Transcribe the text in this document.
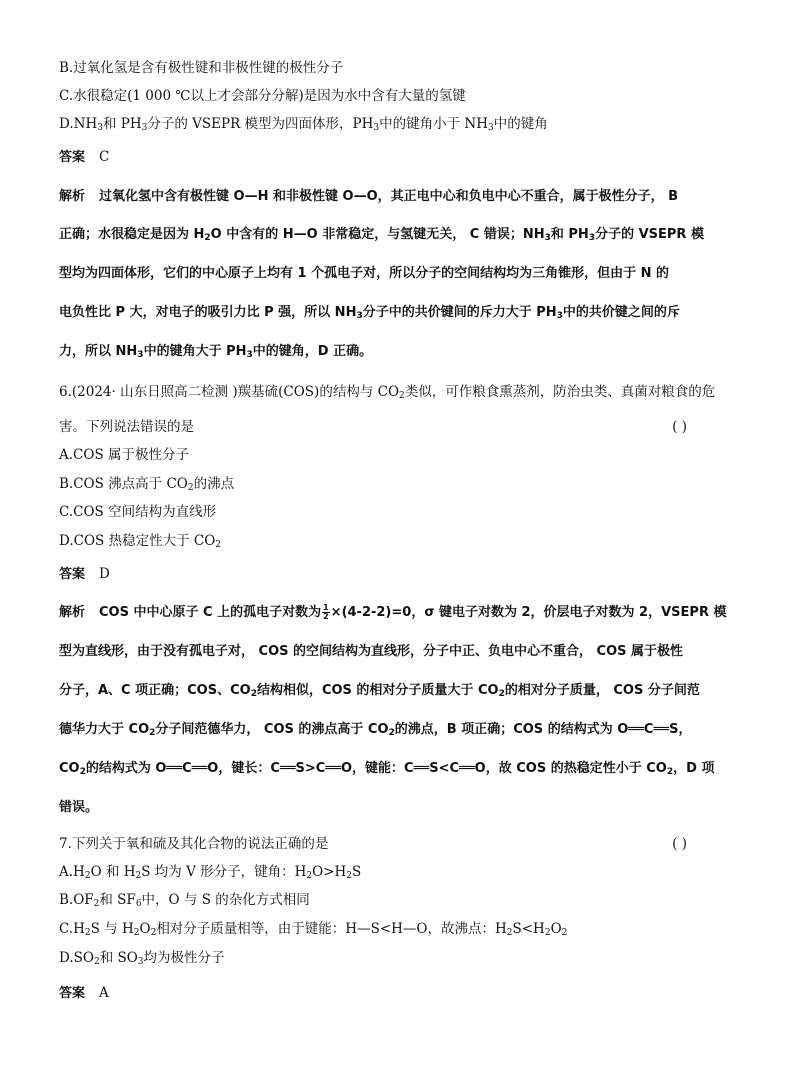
B.过氧化氢是含有极性键和非极性键的极性分子
C.水很稳定(1 000 ℃以上才会部分分解)是因为水中含有大量的氢键
$D.NH_3$和 $PH_3$分子的 VSEPR 模型为四面体形，$PH_3$中的键角小于 $NH_3$中的键角
答案 C
解析 过氧化氢中含有极性键 O—H 和非极性键 O—O，其正电中心和负电中心不重合，属于极性分子， B
正确；水很稳定是因为 $H_2O$ 中含有的 H—O 非常稳定，与氢键无关， C 错误；$NH_3$和 $PH_3$分子的 VSEPR 模
型均为四面体形，它们的中心原子上均有 1 个孤电子对，所以分子的空间结构均为三角锥形，但由于 N 的
电负性比 P 大，对电子的吸引力比 P 强，所以 $NH_3$分子中的共价键间的斥力大于 $PH_3$中的共价键之间的斥
力，所以 $NH_3$中的键角大于 $PH_3$中的键角，D 正确。
6.(2024· 山东日照高二检测 )羰基硫(COS)的结构与 $CO_2$类似，可作粮食熏蒸剂，防治虫类、真菌对粮食的危
害。下列说法错误的是	( )
A.COS 属于极性分子
B.COS 沸点高于 $CO_2$的沸点
C.COS 空间结构为直线形
D.COS 热稳定性大于 $CO_2$
答案 D
解析 COS 中中心原子 C 上的孤电子对数为 $\frac{1}{2} \times(4-2-2)=0$，σ 键电子对数为 2，价层电子对数为 2，VSEPR 模
型为直线形，由于没有孤电子对， COS 的空间结构为直线形，分子中正、负电中心不重合， COS 属于极性
分子，A、C 项正确；COS、$CO_2$结构相似，COS 的相对分子质量大于 $CO_2$的相对分子质量， COS 分子间范
德华力大于 $CO_2$分子间范德华力， COS 的沸点高于 $CO_2$的沸点，B 项正确；COS 的结构式为 O══C══S，
$CO_2$的结构式为 O══C══O，键长：C══S>C══O，键能：C══S<C══O，故 COS 的热稳定性小于 $CO_2$，D 项
错误。
7.下列关于氧和硫及其化合物的说法正确的是	( )
$A.H_2O$ 和 $H_2S$ 均为 V 形分子，键角：$H_2O>H_2S$
$B.OF_2$和 $SF_6$中，O 与 S 的杂化方式相同
$C.H_2S$ 与 $H_2O_2$相对分子质量相等，由于键能：H—S<H—O，故沸点：$H_2S<H_2O_2$
$D.SO_2$和 $SO_3$均为极性分子
答案 A
